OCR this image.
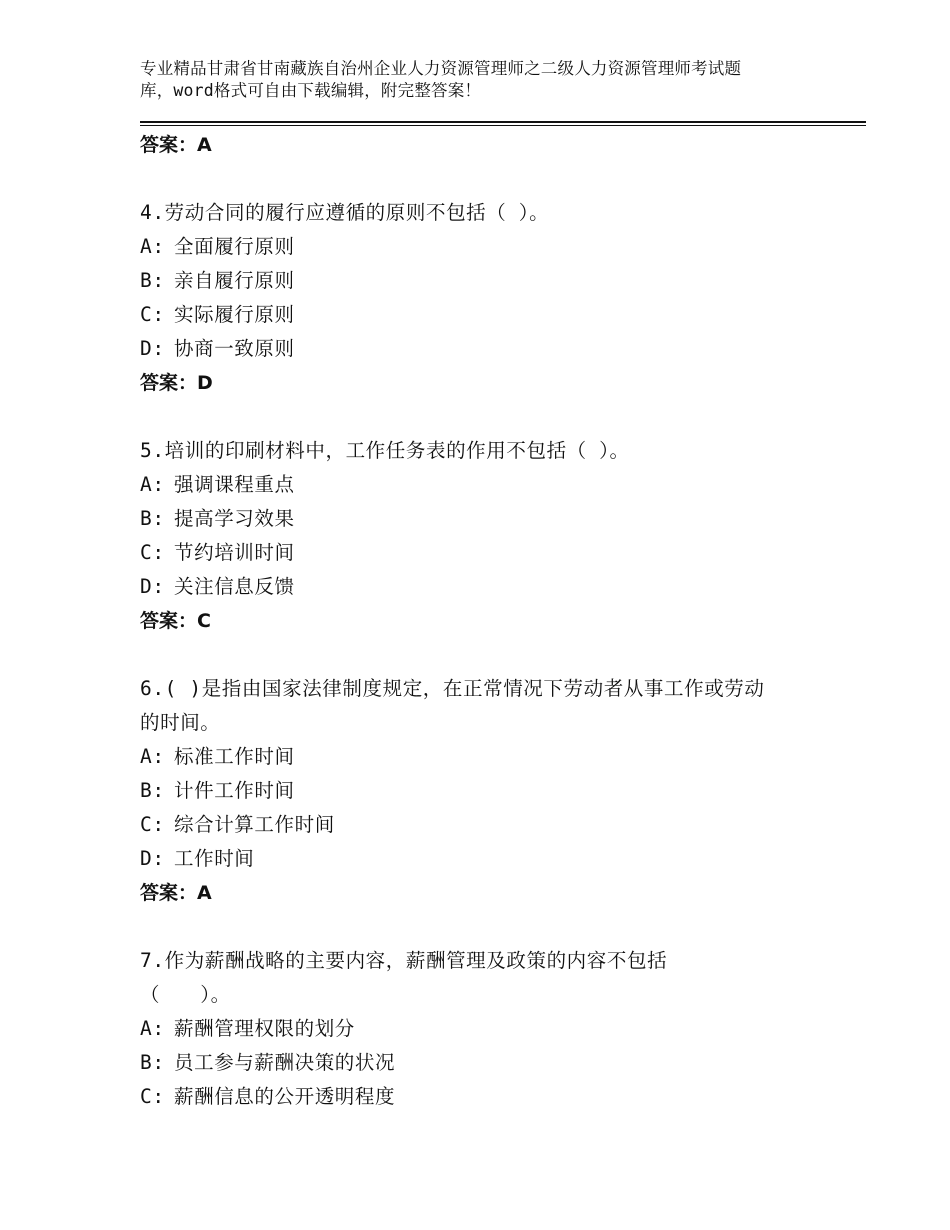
专业精品甘肃省甘南藏族自治州企业人力资源管理师之二级人力资源管理师考试题
库，word格式可自由下载编辑，附完整答案！
答案：A
4.劳动合同的履行应遵循的原则不包括（ ）。
A: 全面履行原则
B: 亲自履行原则
C: 实际履行原则
D: 协商一致原则
答案：D
5.培训的印刷材料中，工作任务表的作用不包括（ ）。
A: 强调课程重点
B: 提高学习效果
C: 节约培训时间
D: 关注信息反馈
答案：C
6.( )是指由国家法律制度规定，在正常情况下劳动者从事工作或劳动
的时间。
A: 标准工作时间
B: 计件工作时间
C: 综合计算工作时间
D: 工作时间
答案：A
7.作为薪酬战略的主要内容，薪酬管理及政策的内容不包括
（　　）。
A: 薪酬管理权限的划分
B: 员工参与薪酬决策的状况
C: 薪酬信息的公开透明程度
